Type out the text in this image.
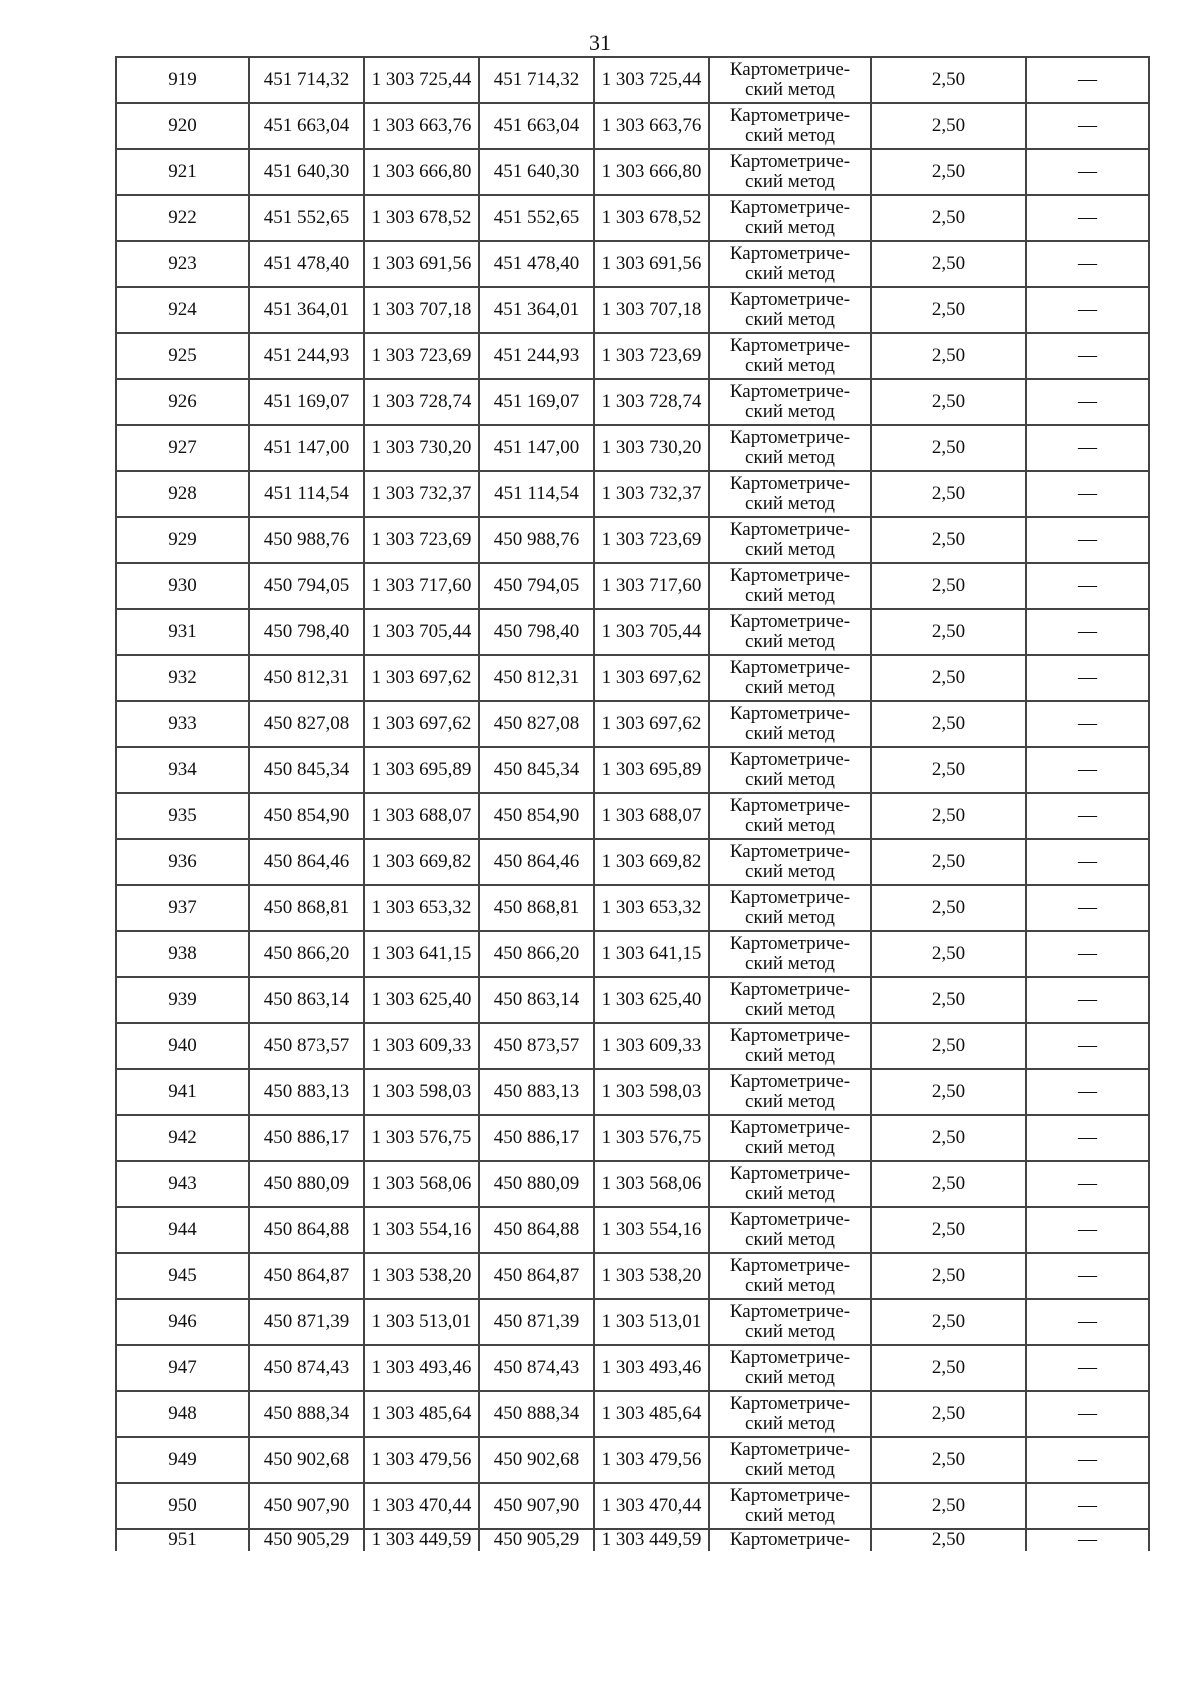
31
919	451 714,32	1 303 725,44	451 714,32	1 303 725,44	Картометриче-
ский метод	2,50	—
920	451 663,04	1 303 663,76	451 663,04	1 303 663,76	Картометриче-
ский метод	2,50	—
921	451 640,30	1 303 666,80	451 640,30	1 303 666,80	Картометриче-
ский метод	2,50	—
922	451 552,65	1 303 678,52	451 552,65	1 303 678,52	Картометриче-
ский метод	2,50	—
923	451 478,40	1 303 691,56	451 478,40	1 303 691,56	Картометриче-
ский метод	2,50	—
924	451 364,01	1 303 707,18	451 364,01	1 303 707,18	Картометриче-
ский метод	2,50	—
925	451 244,93	1 303 723,69	451 244,93	1 303 723,69	Картометриче-
ский метод	2,50	—
926	451 169,07	1 303 728,74	451 169,07	1 303 728,74	Картометриче-
ский метод	2,50	—
927	451 147,00	1 303 730,20	451 147,00	1 303 730,20	Картометриче-
ский метод	2,50	—
928	451 114,54	1 303 732,37	451 114,54	1 303 732,37	Картометриче-
ский метод	2,50	—
929	450 988,76	1 303 723,69	450 988,76	1 303 723,69	Картометриче-
ский метод	2,50	—
930	450 794,05	1 303 717,60	450 794,05	1 303 717,60	Картометриче-
ский метод	2,50	—
931	450 798,40	1 303 705,44	450 798,40	1 303 705,44	Картометриче-
ский метод	2,50	—
932	450 812,31	1 303 697,62	450 812,31	1 303 697,62	Картометриче-
ский метод	2,50	—
933	450 827,08	1 303 697,62	450 827,08	1 303 697,62	Картометриче-
ский метод	2,50	—
934	450 845,34	1 303 695,89	450 845,34	1 303 695,89	Картометриче-
ский метод	2,50	—
935	450 854,90	1 303 688,07	450 854,90	1 303 688,07	Картометриче-
ский метод	2,50	—
936	450 864,46	1 303 669,82	450 864,46	1 303 669,82	Картометриче-
ский метод	2,50	—
937	450 868,81	1 303 653,32	450 868,81	1 303 653,32	Картометриче-
ский метод	2,50	—
938	450 866,20	1 303 641,15	450 866,20	1 303 641,15	Картометриче-
ский метод	2,50	—
939	450 863,14	1 303 625,40	450 863,14	1 303 625,40	Картометриче-
ский метод	2,50	—
940	450 873,57	1 303 609,33	450 873,57	1 303 609,33	Картометриче-
ский метод	2,50	—
941	450 883,13	1 303 598,03	450 883,13	1 303 598,03	Картометриче-
ский метод	2,50	—
942	450 886,17	1 303 576,75	450 886,17	1 303 576,75	Картометриче-
ский метод	2,50	—
943	450 880,09	1 303 568,06	450 880,09	1 303 568,06	Картометриче-
ский метод	2,50	—
944	450 864,88	1 303 554,16	450 864,88	1 303 554,16	Картометриче-
ский метод	2,50	—
945	450 864,87	1 303 538,20	450 864,87	1 303 538,20	Картометриче-
ский метод	2,50	—
946	450 871,39	1 303 513,01	450 871,39	1 303 513,01	Картометриче-
ский метод	2,50	—
947	450 874,43	1 303 493,46	450 874,43	1 303 493,46	Картометриче-
ский метод	2,50	—
948	450 888,34	1 303 485,64	450 888,34	1 303 485,64	Картометриче-
ский метод	2,50	—
949	450 902,68	1 303 479,56	450 902,68	1 303 479,56	Картометриче-
ский метод	2,50	—
950	450 907,90	1 303 470,44	450 907,90	1 303 470,44	Картометриче-
ский метод	2,50	—
951	450 905,29	1 303 449,59	450 905,29	1 303 449,59	Картометриче-	2,50	—
